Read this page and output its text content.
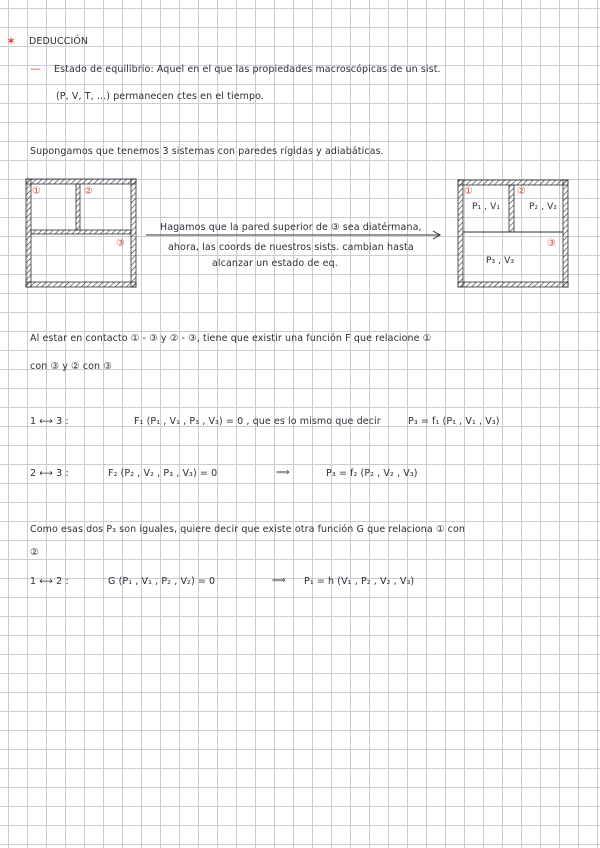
✶ DEDUCCIÓN
— Estado de equilibrio: Aquel en el que las propiedades macroscópicas de un sist.
(P, V, T, ...) permanecen ctes en el tiempo.
Supongamos que tenemos 3 sistemas con paredes rígidas y adiabáticas.
①	②
③
Hagamos que la pared superior de ③ sea diatérmana,
ahora, las coords de nuestros sists. cambian hasta
alcanzar un estado de eq.
①	②
③
P₁ , V₁	P₂ , V₂
P₃ , V₃
Al estar en contacto ① - ③ y ② - ③, tiene que existir una función F que relacione ①
con ③ y ② con ③
1 ⟷ 3 :	F₁ (P₁ , V₁ , P₃ , V₃) = 0 , que es lo mismo que decir	P₃ = f₁ (P₁ , V₁ , V₃)
2 ⟷ 3 :	F₂ (P₂ , V₂ , P₃ , V₃) = 0	⟹	P₃ = f₂ (P₂ , V₂ , V₃)
Como esas dos P₃ son iguales, quiere decir que existe otra función G que relaciona ① con
②
1 ⟷ 2 :	G (P₁ , V₁ , P₂ , V₂) = 0	⟹ P₁ = h (V₁ , P₂ , V₂ , V₃)
